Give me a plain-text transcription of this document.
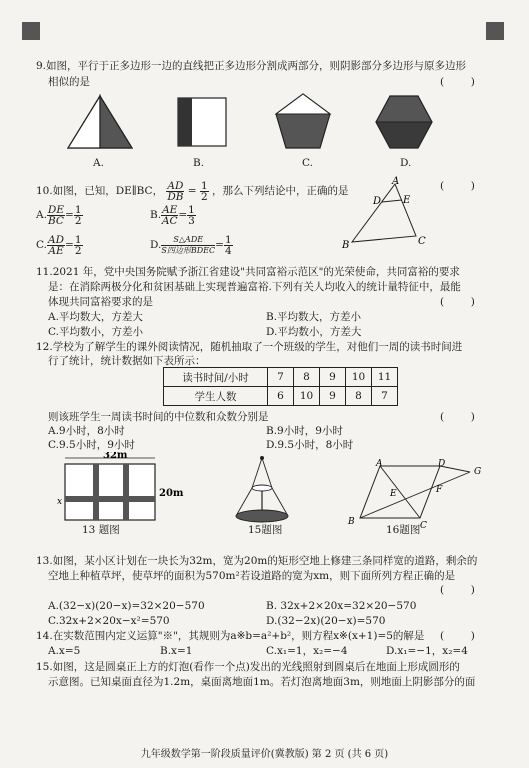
9.如图，平行于正多边形一边的直线把正多边形分割成两部分，则阴影部分多边形与原多边形
相似的是	(        )
A.	B.	C.	D.
10.如图，已知，DE∥BC， $\frac{AD}{DB} = \frac{1}{2}$ ，那么下列结论中，正确的是	(        )
A. $\frac{DE}{BC} = \frac{1}{2}$	B. $\frac{AE}{AC} = \frac{1}{3}$
C. $\frac{AD}{AE} = \frac{1}{2}$	D. $\frac{\text{S△ADE}}{\text{S四边形BDEC}} = \frac{1}{4}$
A
D E
B	C
11.2021 年，党中央国务院赋予浙江省建设"共同富裕示范区"的光荣使命，共同富裕的要求
是：在消除两极分化和贫困基础上实现普遍富裕.下列有关人均收入的统计量特征中，最能
体现共同富裕要求的是	(        )
A.平均数大，方差大	B.平均数大，方差小
C.平均数小，方差小	D.平均数小，方差大
12.学校为了解学生的课外阅读情况，随机抽取了一个班级的学生，对他们一周的读书时间进
行了统计，统计数据如下表所示：
读书时间/小时	7	8	9	10	11
学生人数	6	10	9	8	7
则该班学生一周读书时间的中位数和众数分别是	(        )
A.9小时，8小时	B.9小时，9小时
C.9.5小时，9小时	D.9.5小时，8小时
32m
20m
x
13 题图	15题图
A	D
G
E	F
B	C
16题图
13.如图，某小区计划在一块长为32m，宽为20m的矩形空地上修建三条同样宽的道路，剩余的
空地上种植草坪，使草坪的面积为570m²若设道路的宽为xm，则下面所列方程正确的是
(        )
A.(32−x)(20−x)=32×20−570	B. 32x+2×20x=32×20−570
C.32x+2×20x−x²=570	D.(32−2x)(20−x)=570
14.在实数范围内定义运算"※"，其规则为a※b=a²+b²，则方程x※(x+1)=5的解是 (        )
A.x=5	B.x=1	C.x₁=1，x₂=−4	D.x₁=−1，x₂=4
15.如图，这是圆桌正上方的灯泡(看作一个点)发出的光线照射到圆桌后在地面上形成圆形的
示意图。已知桌面直径为1.2m，桌面离地面1m。若灯泡离地面3m，则地面上阴影部分的面
九年级数学第一阶段质量评价(冀教版) 第 2 页 (共 6 页)
